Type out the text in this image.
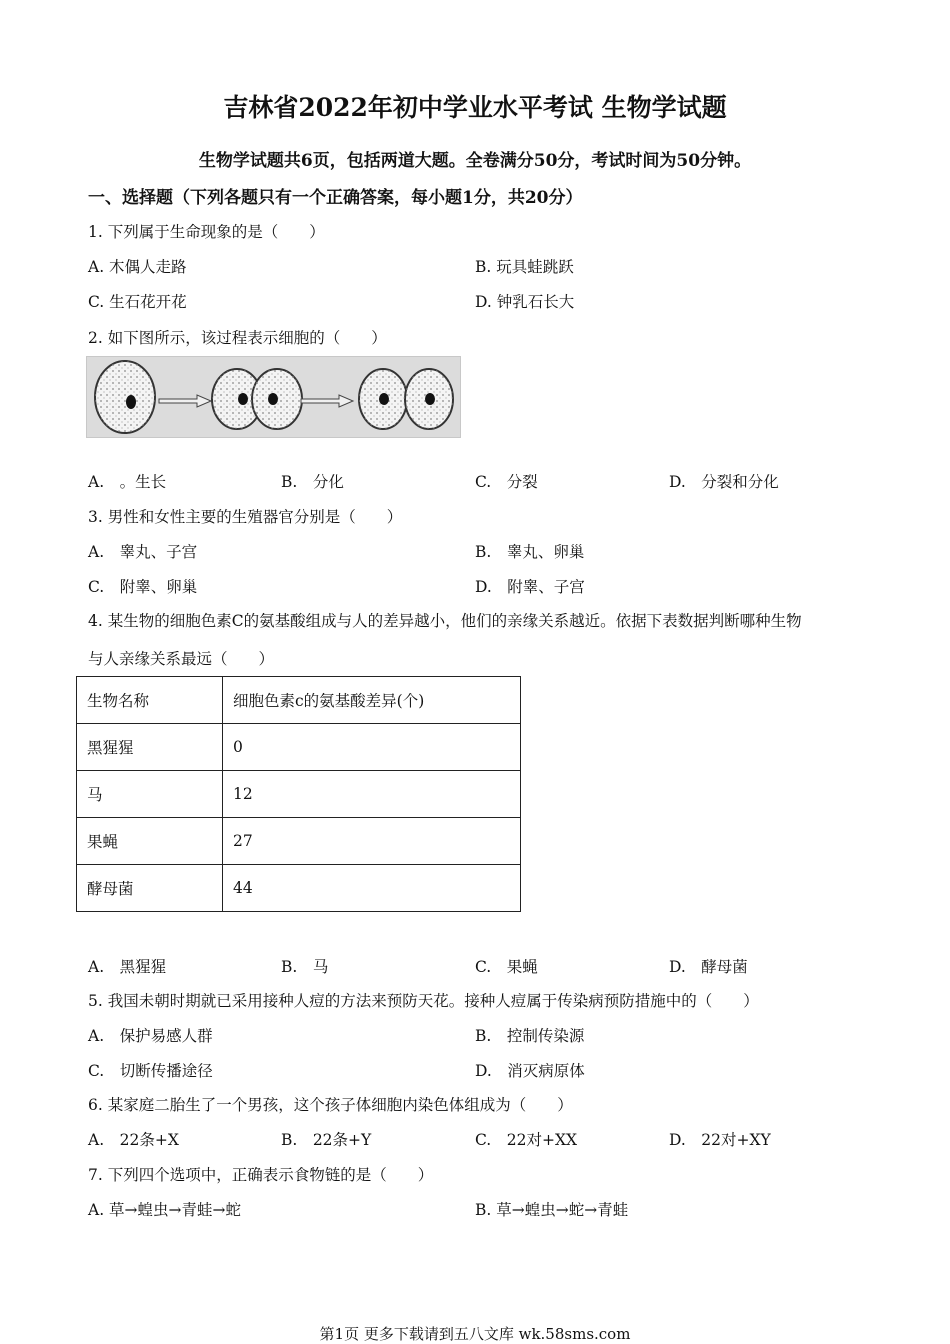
吉林省2022年初中学业水平考试 生物学试题
生物学试题共6页，包括两道大题。全卷满分50分，考试时间为50分钟。
一、选择题（下列各题只有一个正确答案，每小题1分，共20分）
1. 下列属于生命现象的是（　　）
A. 木偶人走路	B. 玩具蛙跳跃
C. 生石花开花	D. 钟乳石长大
2. 如下图所示，该过程表示细胞的（　　）
A.　。生长	B.　分化	C.　分裂	D.　分裂和分化
3. 男性和女性主要的生殖器官分别是（　　）
A.　睾丸、子宫	B.　睾丸、卵巢
C.　附睾、卵巢	D.　附睾、子宫
4. 某生物的细胞色素C的氨基酸组成与人的差异越小，他们的亲缘关系越近。依据下表数据判断哪种生物
与人亲缘关系最远（　　）
生物名称	细胞色素c的氨基酸差异(个)
黑猩猩	0
马	12
果蝇	27
酵母菌	44
A.　黑猩猩	B.　马	C.　果蝇	D.　酵母菌
5. 我国未朝时期就已采用接种人痘的方法来预防天花。接种人痘属于传染病预防措施中的（　　）
A.　保护易感人群	B.　控制传染源
C.　切断传播途径	D.　消灭病原体
6. 某家庭二胎生了一个男孩，这个孩子体细胞内染色体组成为（　　）
A.　22条+X	B.　22条+Y	C.　22对+XX	D.　22对+XY
7. 下列四个选项中，正确表示食物链的是（　　）
A. 草→蝗虫→青蛙→蛇	B. 草→蝗虫→蛇→青蛙
第1页 更多下载请到五八文库 wk.58sms.com
